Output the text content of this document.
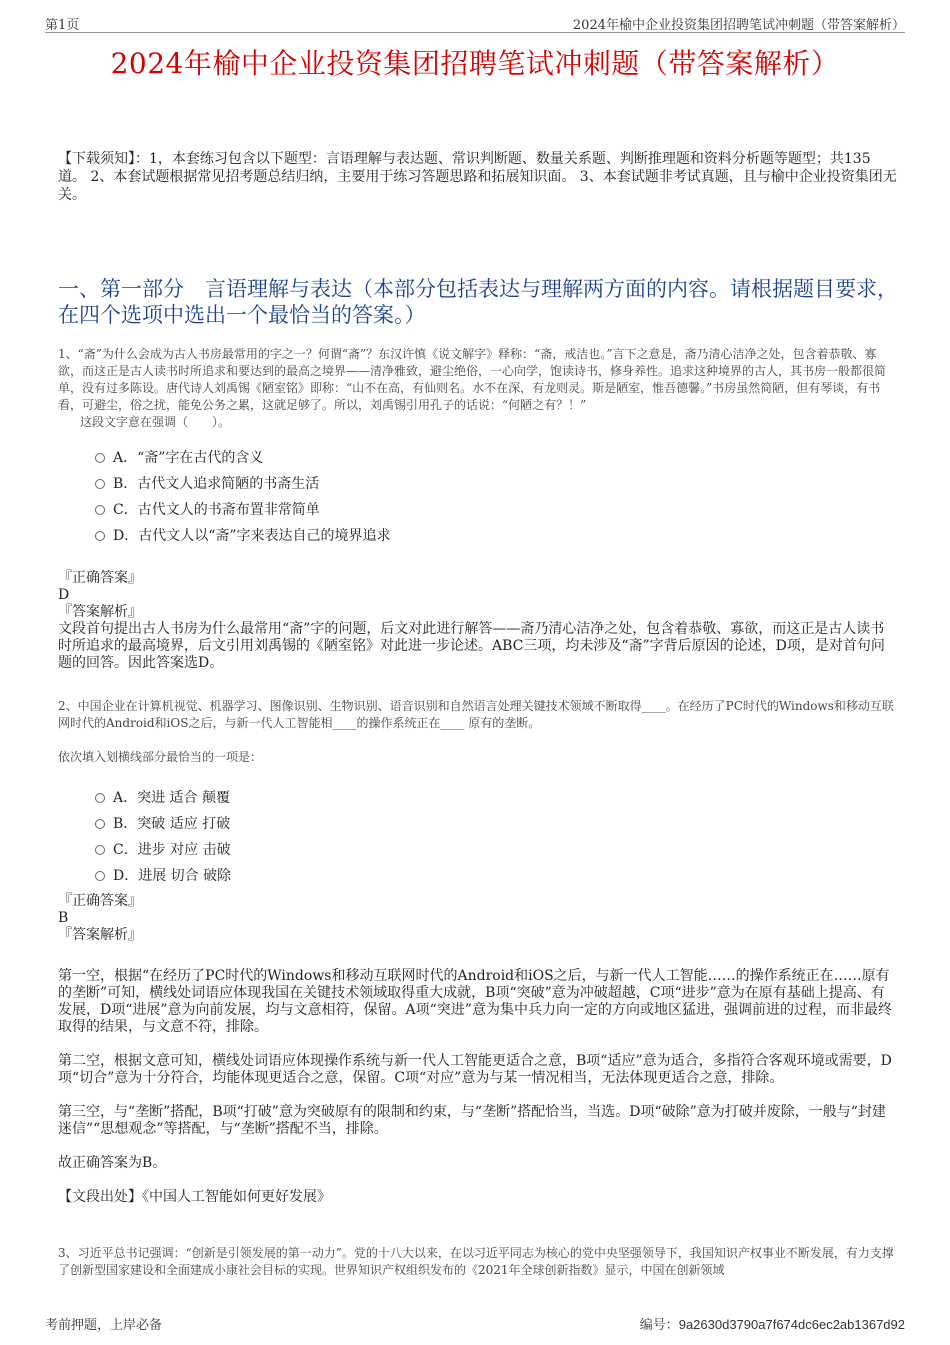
第1页	2024年榆中企业投资集团招聘笔试冲刺题（带答案解析）
2024年榆中企业投资集团招聘笔试冲刺题（带答案解析）
【下载须知】：1，本套练习包含以下题型：言语理解与表达题、常识判断题、数量关系题、判断推理题和资料分析题等题型；共135道。 2、本套试题根据常见招考题总结归纳，主要用于练习答题思路和拓展知识面。 3、本套试题非考试真题，且与榆中企业投资集团无关。
一、第一部分　言语理解与表达（本部分包括表达与理解两方面的内容。请根据题目要求，在四个选项中选出一个最恰当的答案。）
1、“斋”为什么会成为古人书房最常用的字之一？何谓“斋”？东汉许慎《说文解字》释称：“斋，戒洁也。”言下之意是，斋乃清心洁净之处，包含着恭敬、寡欲，而这正是古人读书时所追求和要达到的最高之境界——清净雅致，避尘绝俗，一心向学，饱读诗书，修身养性。追求这种境界的古人，其书房一般都很简单，没有过多陈设。唐代诗人刘禹锡《陋室铭》即称：“山不在高，有仙则名。水不在深，有龙则灵。斯是陋室，惟吾德馨。”书房虽然简陋，但有琴谈，有书看，可避尘，俗之扰，能免公务之累，这就足够了。所以，刘禹锡引用孔子的话说：“何陋之有？！”
这段文字意在强调（　　）。
A．“斋”字在古代的含义
B．古代文人追求简陋的书斋生活
C．古代文人的书斋布置非常简单
D．古代文人以“斋”字来表达自己的境界追求
『正确答案』
D
『答案解析』
文段首句提出古人书房为什么最常用“斋”字的问题，后文对此进行解答——斋乃清心洁净之处，包含着恭敬、寡欲，而这正是古人读书时所追求的最高境界，后文引用刘禹锡的《陋室铭》对此进一步论述。ABC三项，均未涉及“斋”字背后原因的论述，D项，是对首句问题的回答。因此答案选D。
2、中国企业在计算机视觉、机器学习、图像识别、生物识别、语音识别和自然语言处理关键技术领域不断取得____。在经历了PC时代的Windows和移动互联网时代的Android和iOS之后，与新一代人工智能相____的操作系统正在____ 原有的垄断。
依次填入划横线部分最恰当的一项是：
A．突进 适合 颠覆
B．突破 适应 打破
C．进步 对应 击破
D．进展 切合 破除
『正确答案』
B
『答案解析』

第一空，根据“在经历了PC时代的Windows和移动互联网时代的Android和iOS之后，与新一代人工智能……的操作系统正在……原有的垄断”可知，横线处词语应体现我国在关键技术领域取得重大成就，B项“突破”意为冲破超越，C项“进步”意为在原有基础上提高、有发展，D项“进展”意为向前发展，均与文意相符，保留。A项“突进”意为集中兵力向一定的方向或地区猛进，强调前进的过程，而非最终取得的结果，与文意不符，排除。

第二空，根据文意可知，横线处词语应体现操作系统与新一代人工智能更适合之意，B项“适应”意为适合，多指符合客观环境或需要，D项“切合”意为十分符合，均能体现更适合之意，保留。C项“对应”意为与某一情况相当，无法体现更适合之意，排除。

第三空，与“垄断”搭配，B项“打破”意为突破原有的限制和约束，与“垄断”搭配恰当，当选。D项“破除”意为打破并废除，一般与“封建迷信”“思想观念”等搭配，与“垄断”搭配不当，排除。

故正确答案为B。

【文段出处】《中国人工智能如何更好发展》

3、习近平总书记强调：“创新是引领发展的第一动力”。党的十八大以来，在以习近平同志为核心的党中央坚强领导下，我国知识产权事业不断发展，有力支撑了创新型国家建设和全面建成小康社会目标的实现。世界知识产权组织发布的《2021年全球创新指数》显示，中国在创新领域
考前押题，上岸必备	编号：9a2630d3790a7f674dc6ec2ab1367d92
